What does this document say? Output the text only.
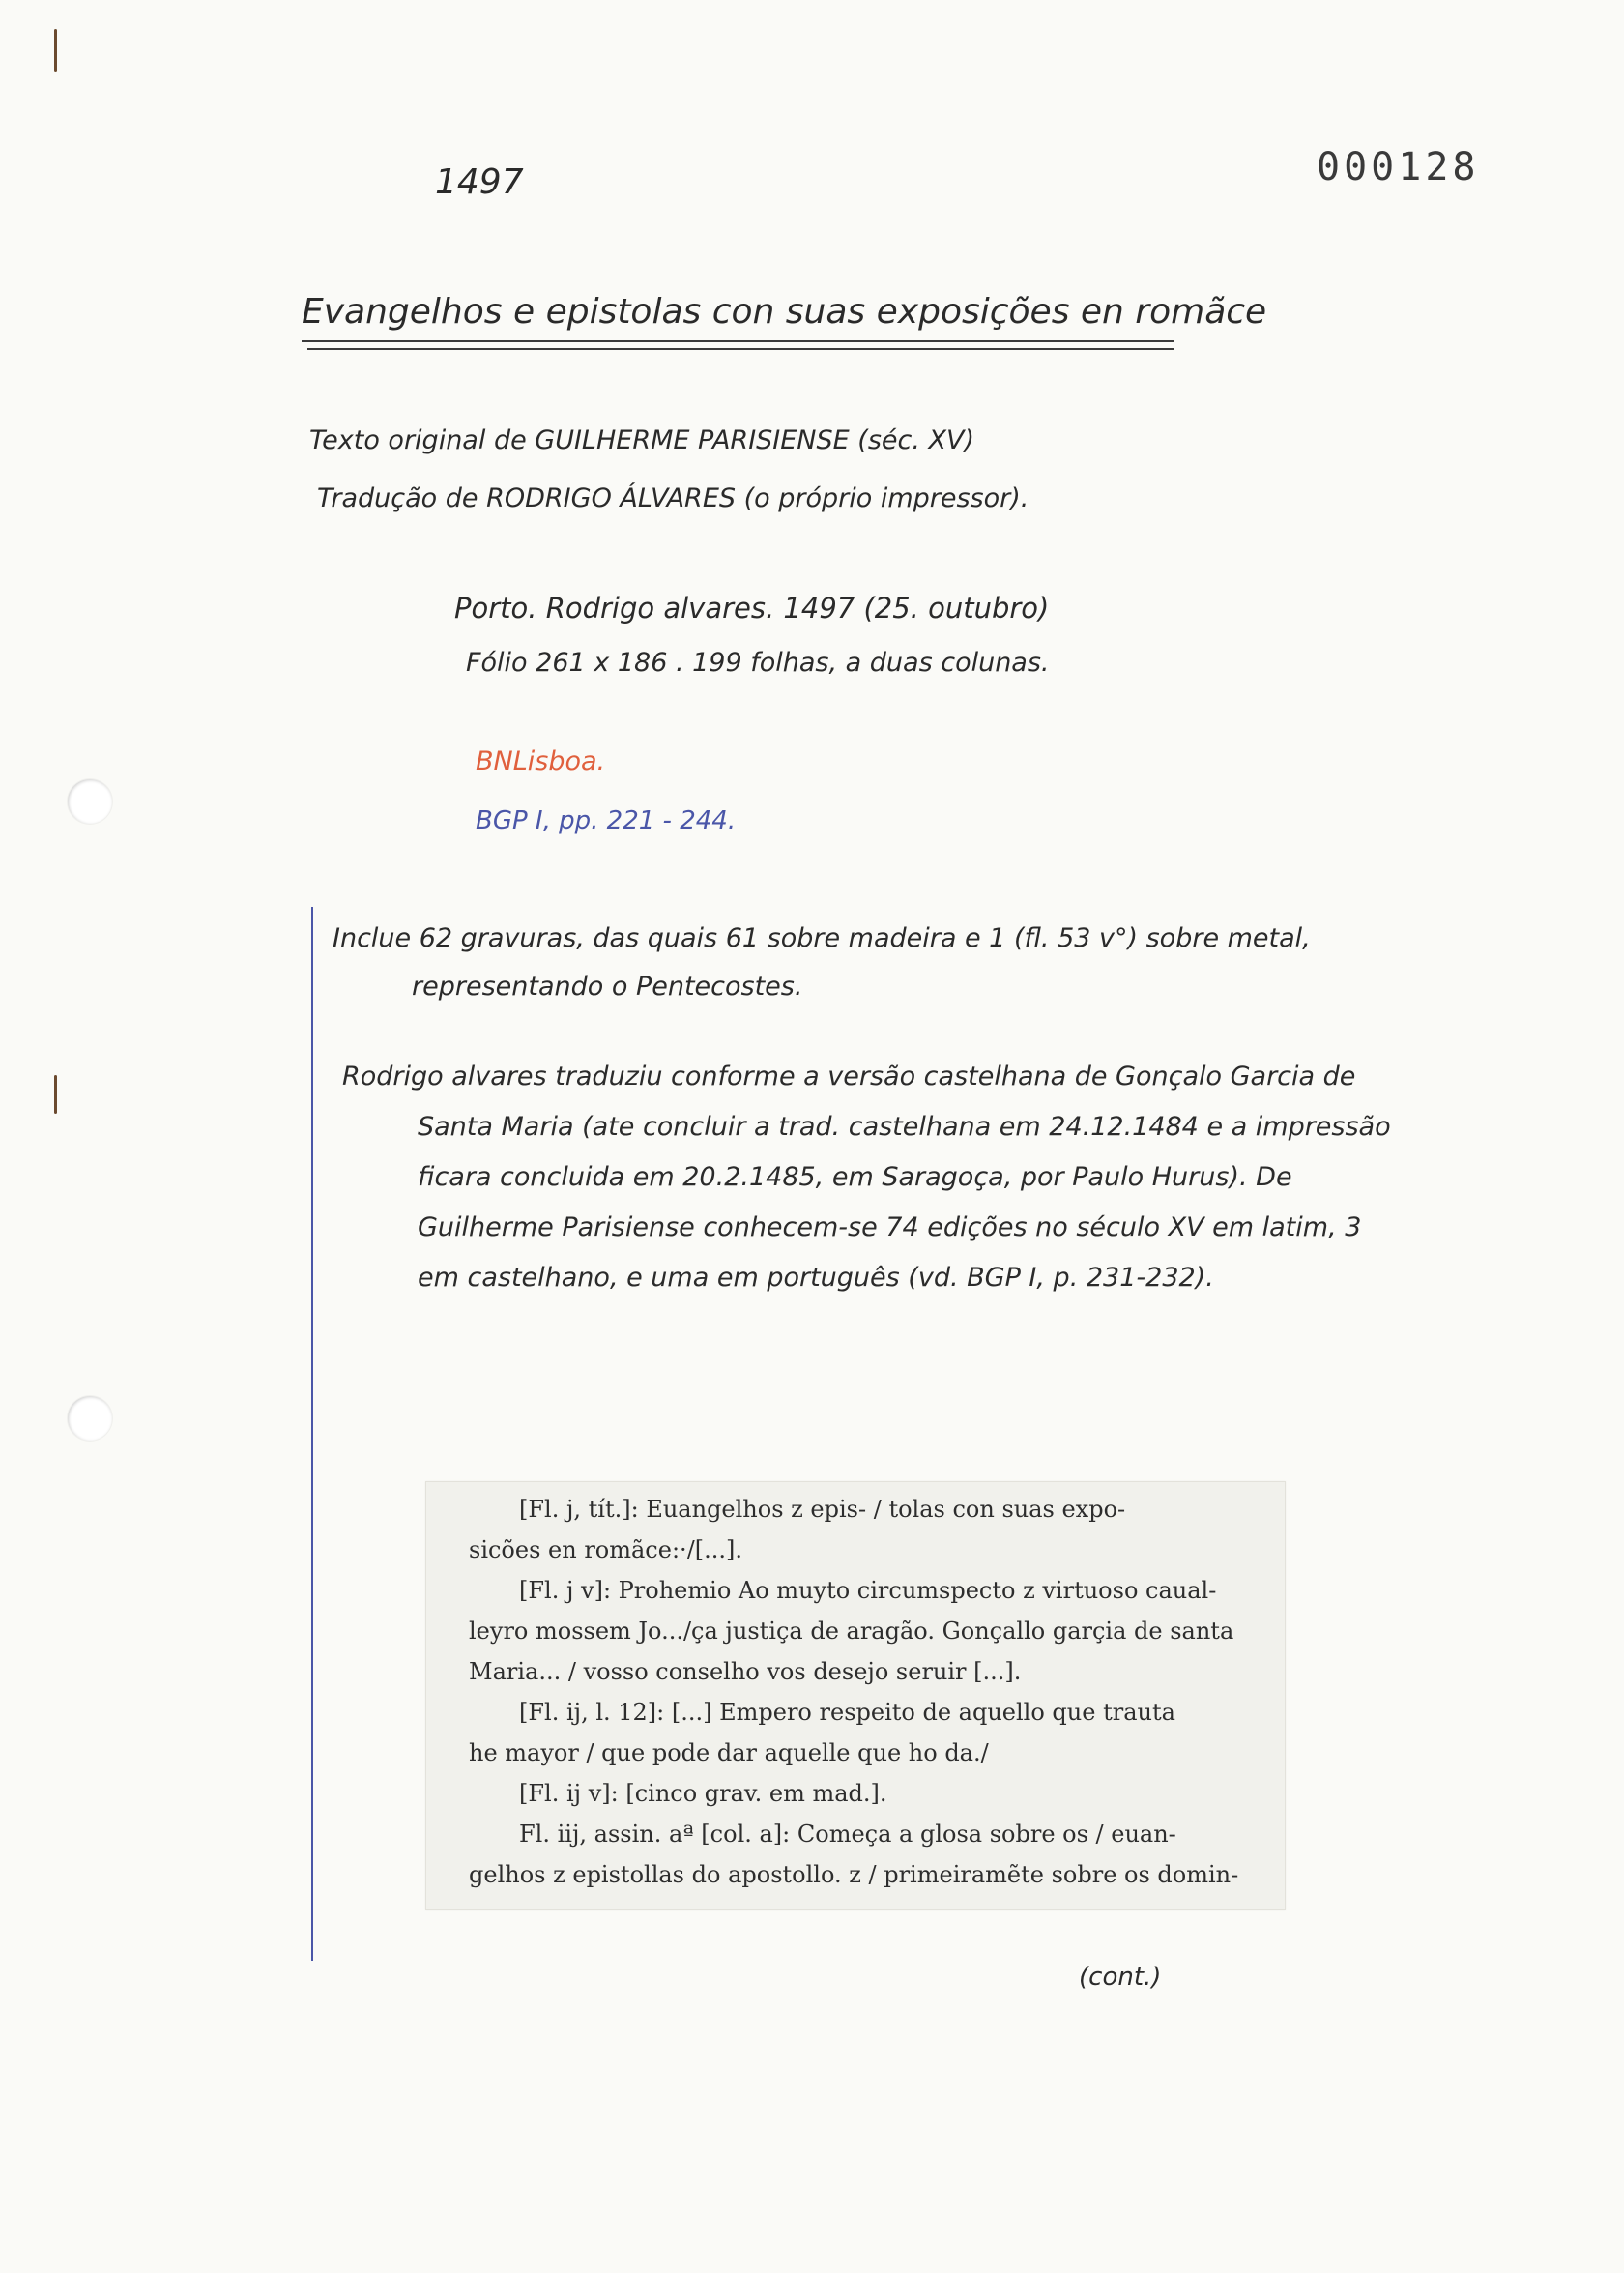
1497	000128
Evangelhos e epistolas con suas exposições en romãce
Texto original de GUILHERME PARISIENSE (séc. XV)
Tradução de RODRIGO ÁLVARES (o próprio impressor).
Porto. Rodrigo alvares. 1497 (25. outubro)
Fólio 261 x 186 . 199 folhas, a duas colunas.
BNLisboa.
BGP I, pp. 221 - 244.
Inclue 62 gravuras, das quais 61 sobre madeira e 1 (fl. 53 v°) sobre metal,
representando o Pentecostes.
Rodrigo alvares traduziu conforme a versão castelhana de Gonçalo Garcia de
Santa Maria (ate concluir a trad. castelhana em 24.12.1484 e a impressão
ficara concluida em 20.2.1485, em Saragoça, por Paulo Hurus). De
Guilherme Parisiense conhecem-se 74 edições no século XV em latim, 3
em castelhano, e uma em português (vd. BGP I, p. 231-232).
[Fl. j, tít.]: Euangelhos z epis- / tolas con suas expo-
sicões en romãce:·/[...].
[Fl. j v]: Prohemio Ao muyto circumspecto z virtuoso caual-
leyro mossem Jo.../ça justiça de aragão. Gonçallo garçia de santa
Maria... / vosso conselho vos desejo seruir [...].
[Fl. ij, l. 12]: [...] Empero respeito de aquello que trauta
he mayor / que pode dar aquelle que ho da./
[Fl. ij v]: [cinco grav. em mad.].
Fl. iij, assin. aª [col. a]: Começa a glosa sobre os / euan-
gelhos z epistollas do apostollo. z / primeiramẽte sobre os domin-
(cont.)
